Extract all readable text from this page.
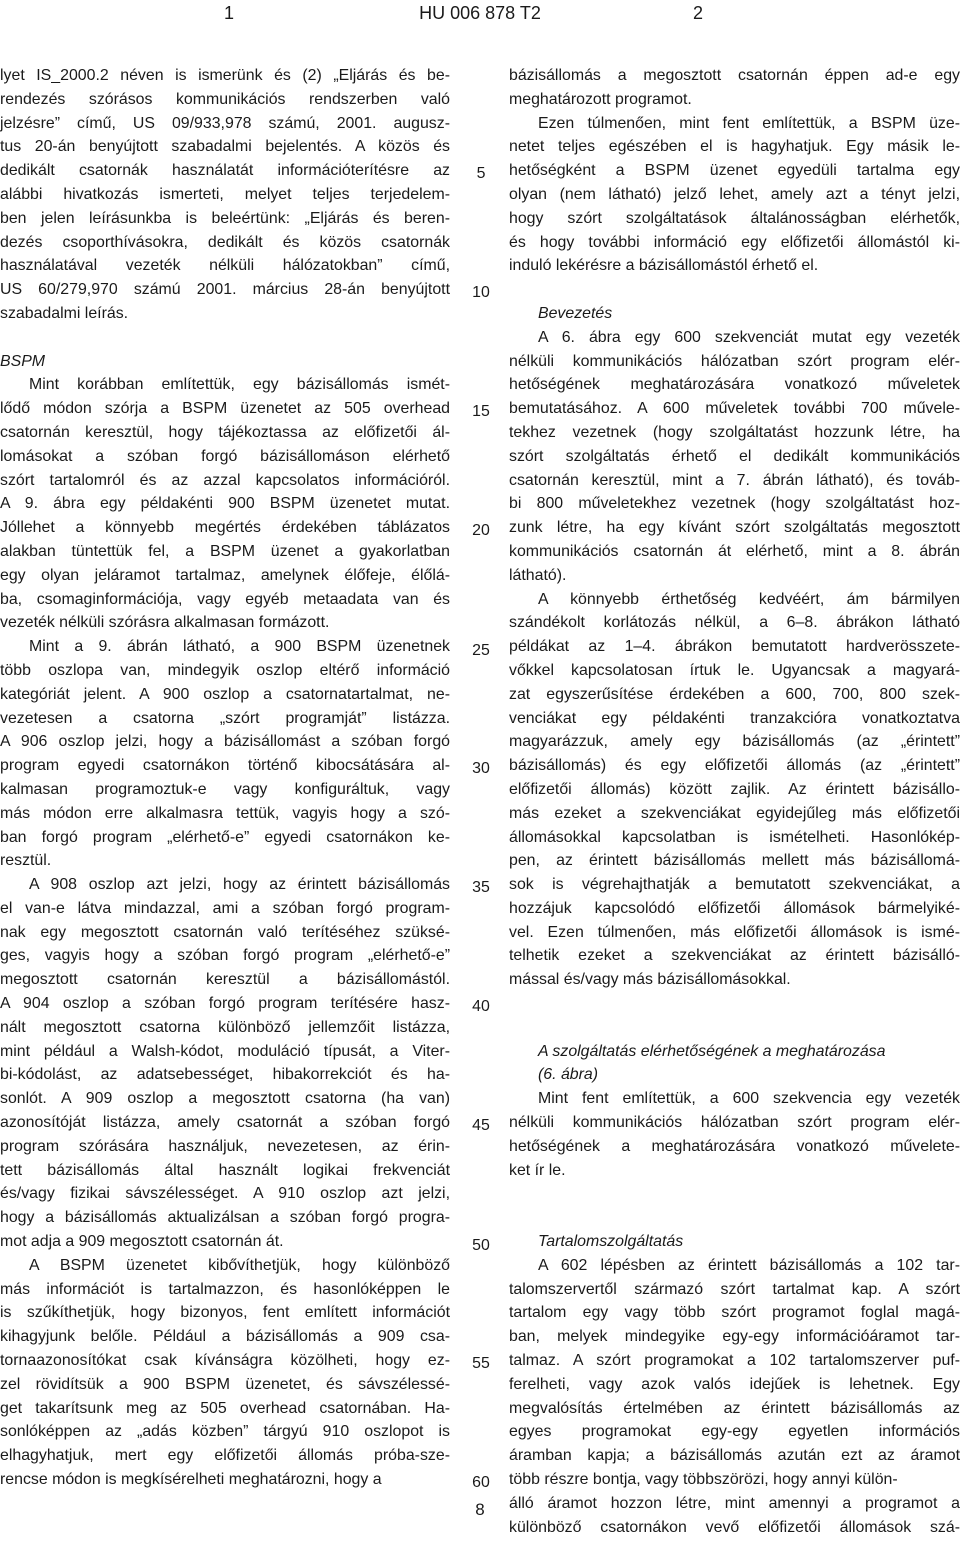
1	HU 006 878 T2	2
lyet IS_2000.2 néven is ismerünk és (2) „Eljárás és be-
rendezés szórásos kommunikációs rendszerben való
jelzésre” című, US 09/933,978 számú, 2001. augusz-
tus 20-án benyújtott szabadalmi bejelentés. A közös és
dedikált csatornák használatát információterítésre az
alábbi hivatkozás ismerteti, melyet teljes terjedelem-
ben jelen leírásunkba is beleértünk: „Eljárás és beren-
dezés csoporthívásokra, dedikált és közös csatornák
használatával vezeték nélküli hálózatokban” című,
US 60/279,970 számú 2001. március 28-án benyújtott
szabadalmi leírás.
BSPM
Mint korábban említettük, egy bázisállomás ismét-
lődő módon szórja a BSPM üzenetet az 505 overhead
csatornán keresztül, hogy tájékoztassa az előfizetői ál-
lomásokat a szóban forgó bázisállomáson elérhető
szórt tartalomról és az azzal kapcsolatos információról.
A 9. ábra egy példakénti 900 BSPM üzenetet mutat.
Jóllehet a könnyebb megértés érdekében táblázatos
alakban tüntettük fel, a BSPM üzenet a gyakorlatban
egy olyan jeláramot tartalmaz, amelynek élőfeje, élőlá-
ba, csomaginformációja, vagy egyéb metaadata van és
vezeték nélküli szórásra alkalmasan formázott.
Mint a 9. ábrán látható, a 900 BSPM üzenetnek
több oszlopa van, mindegyik oszlop eltérő információ
kategóriát jelent. A 900 oszlop a csatornatartalmat, ne-
vezetesen a csatorna „szórt programját” listázza.
A 906 oszlop jelzi, hogy a bázisállomást a szóban forgó
program egyedi csatornákon történő kibocsátására al-
kalmasan programoztuk-e vagy konfiguráltuk, vagy
más módon erre alkalmasra tettük, vagyis hogy a szó-
ban forgó program „elérhető-e” egyedi csatornákon ke-
resztül.
A 908 oszlop azt jelzi, hogy az érintett bázisállomás
el van-e látva mindazzal, ami a szóban forgó program-
nak egy megosztott csatornán való terítéséhez szüksé-
ges, vagyis hogy a szóban forgó program „elérhető-e”
megosztott csatornán keresztül a bázisállomástól.
A 904 oszlop a szóban forgó program terítésére hasz-
nált megosztott csatorna különböző jellemzőit listázza,
mint például a Walsh-kódot, moduláció típusát, a Viter-
bi-kódolást, az adatsebességet, hibakorrekciót és ha-
sonlót. A 909 oszlop a megosztott csatorna (ha van)
azonosítóját listázza, amely csatornát a szóban forgó
program szórására használjuk, nevezetesen, az érin-
tett bázisállomás által használt logikai frekvenciát
és/vagy fizikai sávszélességet. A 910 oszlop azt jelzi,
hogy a bázisállomás aktualizálsan a szóban forgó progra-
mot adja a 909 megosztott csatornán át.
A BSPM üzenetet kibővíthetjük, hogy különböző
más információt is tartalmazzon, és hasonlóképpen le
is szűkíthetjük, hogy bizonyos, fent említett információt
kihagyjunk belőle. Például a bázisállomás a 909 csa-
tornaazonosítókat csak kívánságra közölheti, hogy ez-
zel rövidítsük a 900 BSPM üzenetet, és sávszélessé-
get takarítsunk meg az 505 overhead csatornában. Ha-
sonlóképpen az „adás közben” tárgyú 910 oszlopot is
elhagyhatjuk, mert egy előfizetői állomás próba-sze-
rencse módon is megkísérelheti meghatározni, hogy a
5
10
15
20
25
30
35
40
45
50
55
60
bázisállomás a megosztott csatornán éppen ad-e egy
meghatározott programot.
Ezen túlmenően, mint fent említettük, a BSPM üze-
netet teljes egészében el is hagyhatjuk. Egy másik le-
hetőségként a BSPM üzenet egyedüli tartalma egy
olyan (nem látható) jelző lehet, amely azt a tényt jelzi,
hogy szórt szolgáltatások általánosságban elérhetők,
és hogy további információ egy előfizetői állomástól ki-
induló lekérésre a bázisállomástól érhető el.
Bevezetés
A 6. ábra egy 600 szekvenciát mutat egy vezeték
nélküli kommunikációs hálózatban szórt program elér-
hetőségének meghatározására vonatkozó műveletek
bemutatásához. A 600 műveletek további 700 művele-
tekhez vezetnek (hogy szolgáltatást hozzunk létre, ha
szórt szolgáltatás érhető el dedikált kommunikációs
csatornán keresztül, mint a 7. ábrán látható), és továb-
bi 800 műveletekhez vezetnek (hogy szolgáltatást hoz-
zunk létre, ha egy kívánt szórt szolgáltatás megosztott
kommunikációs csatornán át elérhető, mint a 8. ábrán
látható).
A könnyebb érthetőség kedvéért, ám bármilyen
szándékolt korlátozás nélkül, a 6–8. ábrákon látható
példákat az 1–4. ábrákon bemutatott hardverösszete-
vőkkel kapcsolatosan írtuk le. Ugyancsak a magyará-
zat egyszerűsítése érdekében a 600, 700, 800 szek-
venciákat egy példakénti tranzakcióra vonatkoztatva
magyarázzuk, amely egy bázisállomás (az „érintett”
bázisállomás) és egy előfizetői állomás (az „érintett”
előfizetői állomás) között zajlik. Az érintett bázisállo-
más ezeket a szekvenciákat egyidejűleg más előfizetői
állomásokkal kapcsolatban is ismételheti. Hasonlókép-
pen, az érintett bázisállomás mellett más bázisállomá-
sok is végrehajthatják a bemutatott szekvenciákat, a
hozzájuk kapcsolódó előfizetői állomások bármelyiké-
vel. Ezen túlmenően, más előfizetői állomások is ismé-
telhetik ezeket a szekvenciákat az érintett bázisálló-
mással és/vagy más bázisállomásokkal.
A szolgáltatás elérhetőségének a meghatározása
(6. ábra)
Mint fent említettük, a 600 szekvencia egy vezeték
nélküli kommunikációs hálózatban szórt program elér-
hetőségének a meghatározására vonatkozó művelete-
ket ír le.
Tartalomszolgáltatás
A 602 lépésben az érintett bázisállomás a 102 tar-
talomszervertől származó szórt tartalmat kap. A szórt
tartalom egy vagy több szórt programot foglal magá-
ban, melyek mindegyike egy-egy információáramot tar-
talmaz. A szórt programokat a 102 tartalomszerver puf-
ferelheti, vagy azok valós idejűek is lehetnek. Egy
megvalósítás értelmében az érintett bázisállomás az
egyes programokat egy-egy egyetlen információs
áramban kapja; a bázisállomás azután ezt az áramot
több részre bontja, vagy többszörözi, hogy annyi külön-
álló áramot hozzon létre, mint amennyi a programot a
különböző csatornákon vevő előfizetői állomások szá-
8
